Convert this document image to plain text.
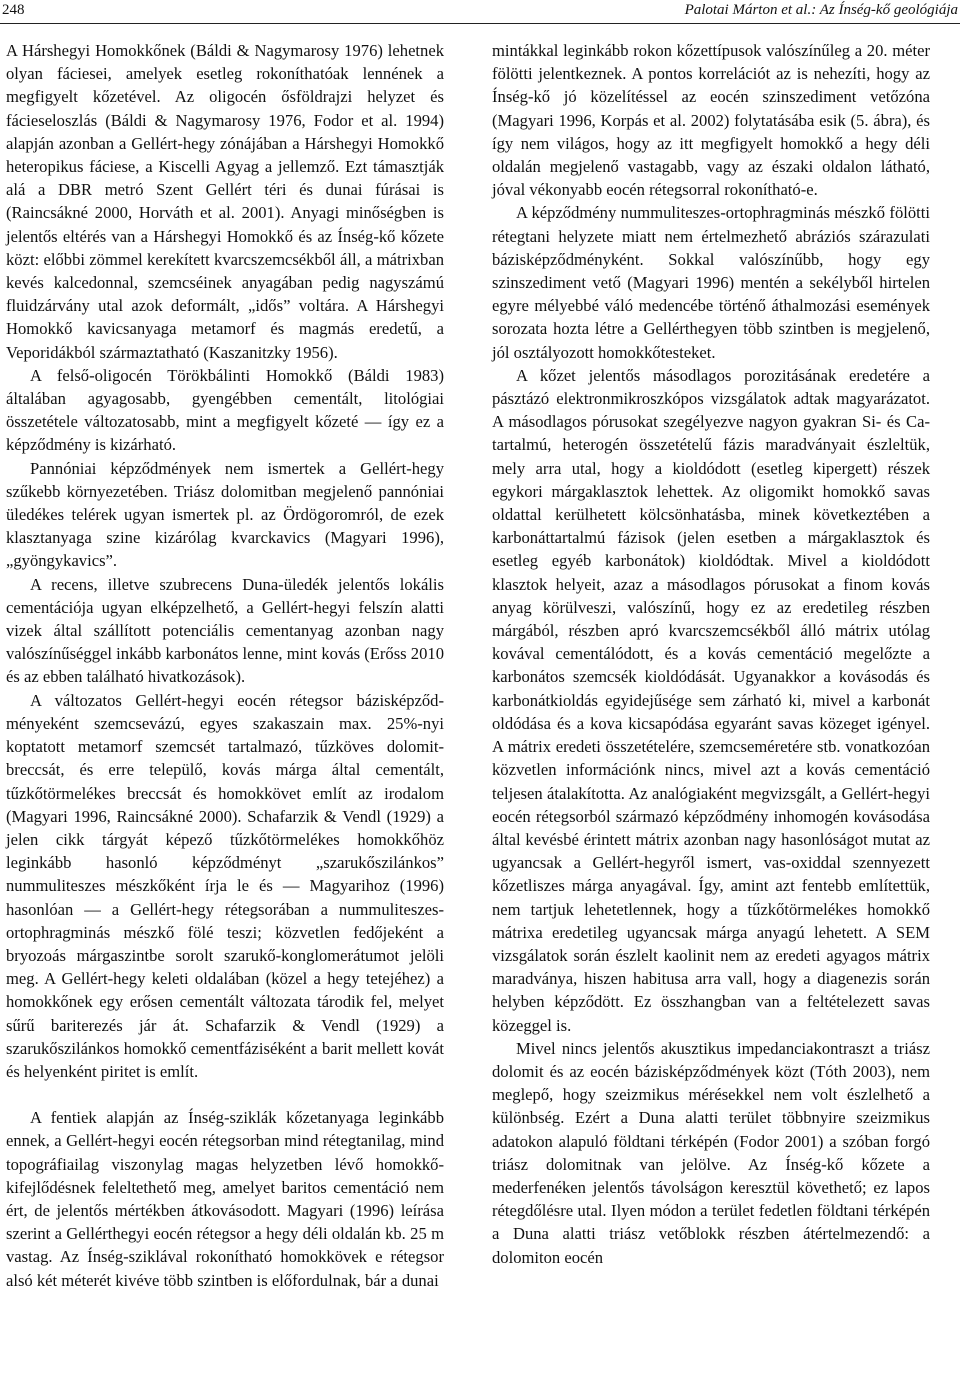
248	Palotai Márton et al.: Az Ínség-kő geológiája

A Hárshegyi Homokkőnek (Báldi & Nagymarosy 1976) lehetnek olyan fáciesei, amelyek esetleg rokoníthatóak lennének a megfigyelt kőzetével. Az oligocén ősföldrajzi helyzet és fácieseloszlás (Báldi & Nagymarosy 1976, Fodor et al. 1994) alapján azonban a Gellért-hegy zónájában a Hárshegyi Homokkő heteropikus fáciese, a Kiscelli Agyag a jellemző. Ezt támasztják alá a DBR metró Szent Gellért téri és dunai fúrásai is (Raincsákné 2000, Horváth et al. 2001). Anyagi minőségben is jelentős eltérés van a Hárshegyi Homokkő és az Ínség-kő kőzete közt: előbbi zömmel kerekített kvarcszemcsékből áll, a mátrixban kevés kalcedonnal, szemcséinek anyagában pedig nagyszámú fluidzárvány utal azok deformált, „idős” voltára. A Hárshegyi Homokkő kavicsanyaga metamorf és magmás eredetű, a Veporidákból származtatható (Kaszanitzky 1956).

A felső-oligocén Törökbálinti Homokkő (Báldi 1983) általában agyagosabb, gyengébben cementált, litológiai összetétele változatosabb, mint a megfigyelt kőzeté — így ez a képződmény is kizárható.

Pannóniai képződmények nem ismertek a Gellért-hegy szűkebb környezetében. Triász dolomitban megjelenő pannóniai üledékes telérek ugyan ismertek pl. az Ördögoromról, de ezek klasztanyaga szine kizárólag kvarckavics (Magyari 1996), „gyöngykavics”.

A recens, illetve szubrecens Duna-üledék jelentős lokális cementációja ugyan elképzelhető, a Gellért-hegyi felszín alatti vizek által szállított potenciális cementanyag azonban nagy valószínűséggel inkább karbonátos lenne, mint kovás (Erőss 2010 és az ebben található hivatkozások).

A változatos Gellért-hegyi eocén rétegsor bázisképződményeként szemcsevázú, egyes szakaszain max. 25%-nyi koptatott metamorf szemcsét tartalmazó, tűzköves dolomitbreccsát, és erre települő, kovás márga által cementált, tűzkőtörmelékes breccsát és homokkövet említ az irodalom (Magyari 1996, Raincsákné 2000). Schafarzik & Vendl (1929) a jelen cikk tárgyát képező tűzkőtörmelékes homokkőhöz leginkább hasonló képződményt „szarukőszilánkos” nummuliteszes mészkőként írja le és — Magyarihoz (1996) hasonlóan — a Gellért-hegy rétegsorában a nummuliteszes-ortophragminás mészkő fölé teszi; közvetlen fedőjeként a bryozoás márgaszintbe sorolt szarukő-konglomerátumot jelöli meg. A Gellért-hegy keleti oldalában (közel a hegy tetejéhez) a homokkőnek egy erősen cementált változata tárodik fel, melyet sűrű bariterezés jár át. Schafarzik & Vendl (1929) a szarukőszilánkos homokkő cementfáziséként a barit mellett kovát és helyenként piritet is említ.

A fentiek alapján az Ínség-sziklák kőzetanyaga leginkább ennek, a Gellért-hegyi eocén rétegsorban mind rétegtanilag, mind topográfiailag viszonylag magas helyzetben lévő homokkő-kifejlődésnek feleltethető meg, amelyet baritos cementáció nem ért, de jelentős mértékben átkovásodott. Magyari (1996) leírása szerint a Gellérthegyi eocén rétegsor a hegy déli oldalán kb. 25 m vastag. Az Ínség-sziklával rokonítható homokkövek e rétegsor alsó két méterét kivéve több szintben is előfordulnak, bár a dunai

mintákkal leginkább rokon kőzettípusok valószínűleg a 20. méter fölötti jelentkeznek. A pontos korrelációt az is nehezíti, hogy az Ínség-kő jó közelítéssel az eocén szinszediment vetőzóna (Magyari 1996, Korpás et al. 2002) folytatásába esik (5. ábra), és így nem világos, hogy az itt megfigyelt homokkő a hegy déli oldalán megjelenő vastagabb, vagy az északi oldalon látható, jóval vékonyabb eocén rétegsorral rokonítható-e.

A képződmény nummuliteszes-ortophragminás mészkő fölötti rétegtani helyzete miatt nem értelmezhető abráziós szárazulati bázisképződményként. Sokkal valószínűbb, hogy egy szinszediment vető (Magyari 1996) mentén a sekélyből hirtelen egyre mélyebbé váló medencébe történő áthalmozási események sorozata hozta létre a Gellérthegyen több szintben is megjelenő, jól osztályozott homokkőtesteket.

A kőzet jelentős másodlagos porozitásának eredetére a pásztázó elektronmikroszkópos vizsgálatok adtak magyarázatot. A másodlagos pórusokat szegélyezve nagyon gyakran Si- és Ca-tartalmú, heterogén összetételű fázis maradványait észleltük, mely arra utal, hogy a kioldódott (esetleg kipergett) részek egykori márgaklasztok lehettek. Az oligomikt homokkő savas oldattal kerülhetett kölcsönhatásba, minek következtében a karbonáttartalmú fázisok (jelen esetben a márgaklasztok és esetleg egyéb karbonátok) kioldódtak. Mivel a kioldódott klasztok helyeit, azaz a másodlagos pórusokat a finom kovás anyag körülveszi, valószínű, hogy ez az eredetileg részben márgából, részben apró kvarcszemcsékből álló mátrix utólag kovával cementálódott, és a kovás cementáció megelőzte a karbonátos szemcsék kioldódását. Ugyanakkor a kovásodás és karbonátkioldás egyidejűsége sem zárható ki, mivel a karbonát oldódása és a kova kicsapódása egyaránt savas közeget igényel. A mátrix eredeti összetételére, szemcseméretére stb. vonatkozóan közvetlen információnk nincs, mivel azt a kovás cementáció teljesen átalakította. Az analógiaként megvizsgált, a Gellért-hegyi eocén rétegsorból származó képződmény inhomogén kovásodása által kevésbé érintett mátrix azonban nagy hasonlóságot mutat az ugyancsak a Gellért-hegyről ismert, vas-oxiddal szennyezett kőzetliszes márga anyagával. Így, amint azt fentebb említettük, nem tartjuk lehetetlennek, hogy a tűzkőtörmelékes homokkő mátrixa eredetileg ugyancsak márga anyagú lehetett. A SEM vizsgálatok során észlelt kaolinit nem az eredeti agyagos mátrix maradványa, hiszen habitusa arra vall, hogy a diagenezis során helyben képződött. Ez összhangban van a feltételezett savas közeggel is.

Mivel nincs jelentős akusztikus impedanciakontraszt a triász dolomit és az eocén bázisképződmények közt (Tóth 2003), nem meglepő, hogy szeizmikus mérésekkel nem volt észlelhető a különbség. Ezért a Duna alatti terület többnyire szeizmikus adatokon alapuló földtani térképén (Fodor 2001) a szóban forgó triász dolomitnak van jelölve. Az Ínség-kő kőzete a mederfenéken jelentős távolságon keresztül követhető; ez lapos rétegdőlésre utal. Ilyen módon a terület fedetlen földtani térképén a Duna alatti triász vetőblokk részben átértelmezendő: a dolomiton eocén
